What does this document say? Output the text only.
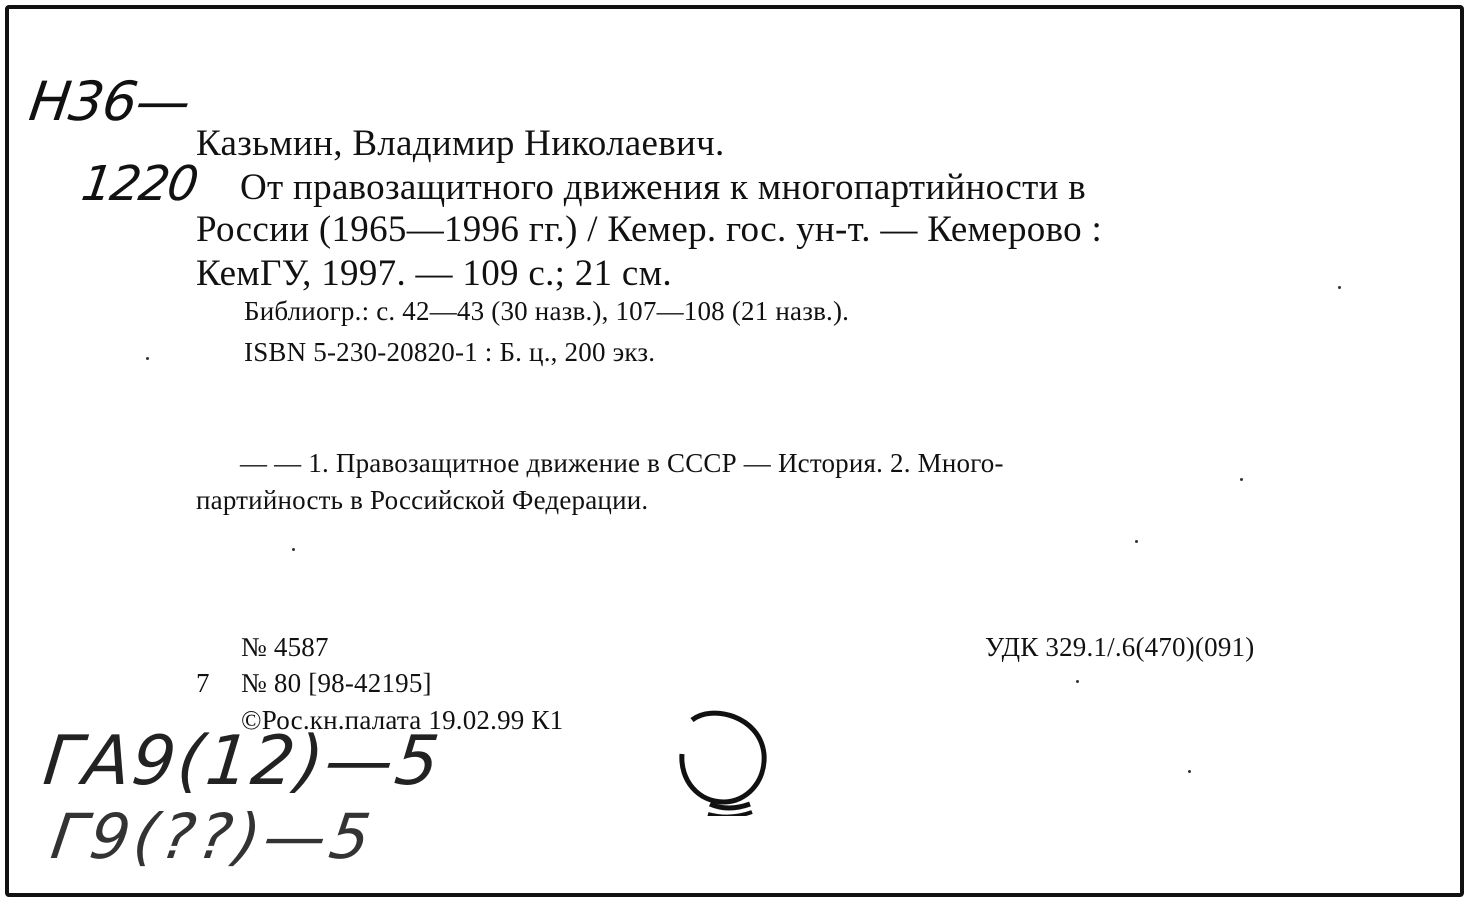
Н36—
1220
Казьмин, Владимир Николаевич.
От правозащитного движения к многопартийности в
России (1965—1996 гг.) / Кемер. гос. ун-т. — Кемерово :
КемГУ, 1997. — 109 с.; 21 см.
Библиогр.: с. 42—43 (30 назв.), 107—108 (21 назв.).
ISBN 5-230-20820-1 : Б. ц., 200 экз.
— — 1. Правозащитное движение в СССР — История. 2. Много-
партийность в Российской Федерации.
№ 4587	УДК 329.1/.6(470)(091)
7 № 80 [98-42195]
©Рос.кн.палата 19.02.99 К1
ГА9(12)—5
Г9(??)—5
